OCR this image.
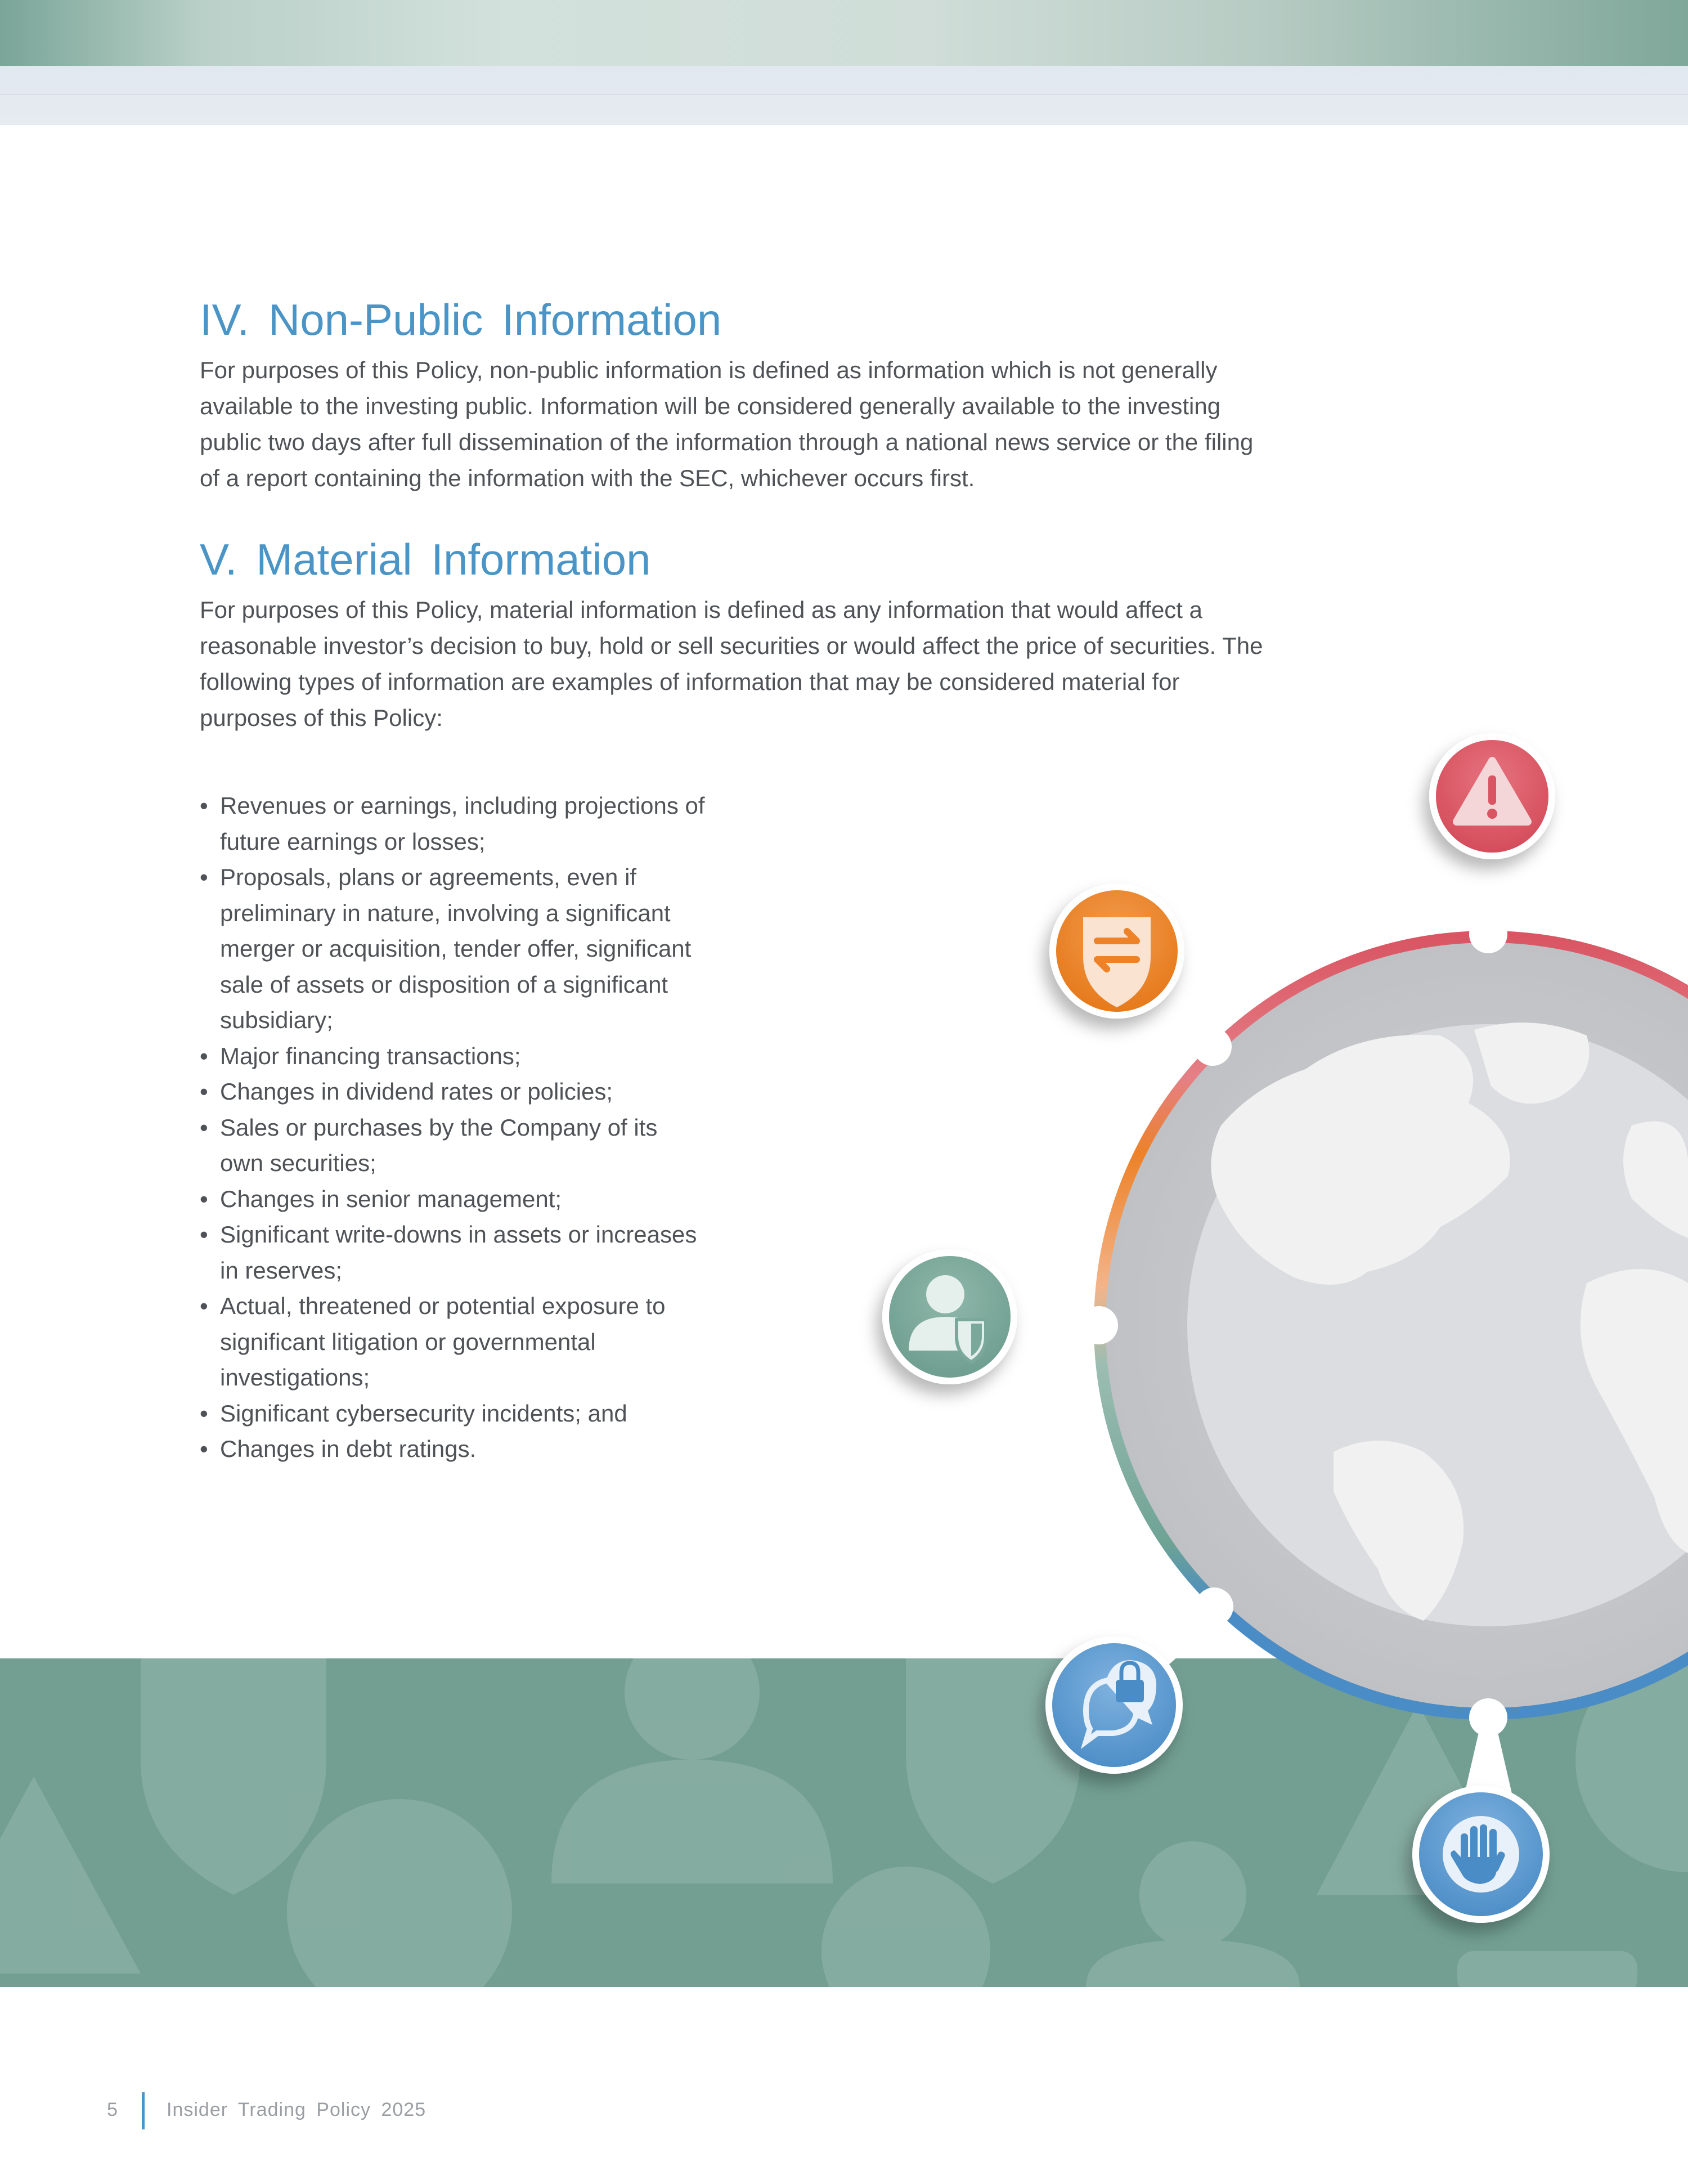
IV. Non-Public Information

For purposes of this Policy, non-public information is defined as information which is not generally available to the investing public. Information will be considered generally available to the investing public two days after full dissemination of the information through a national news service or the filing of a report containing the information with the SEC, whichever occurs first.

V. Material Information

For purposes of this Policy, material information is defined as any information that would affect a reasonable investor’s decision to buy, hold or sell securities or would affect the price of securities. The following types of information are examples of information that may be considered material for purposes of this Policy:

• Revenues or earnings, including projections of future earnings or losses;
• Proposals, plans or agreements, even if preliminary in nature, involving a significant merger or acquisition, tender offer, significant sale of assets or disposition of a significant subsidiary;
• Major financing transactions;
• Changes in dividend rates or policies;
• Sales or purchases by the Company of its own securities;
• Changes in senior management;
• Significant write-downs in assets or increases in reserves;
• Actual, threatened or potential exposure to significant litigation or governmental investigations;
• Significant cybersecurity incidents; and
• Changes in debt ratings.
5	Insider Trading Policy 2025
